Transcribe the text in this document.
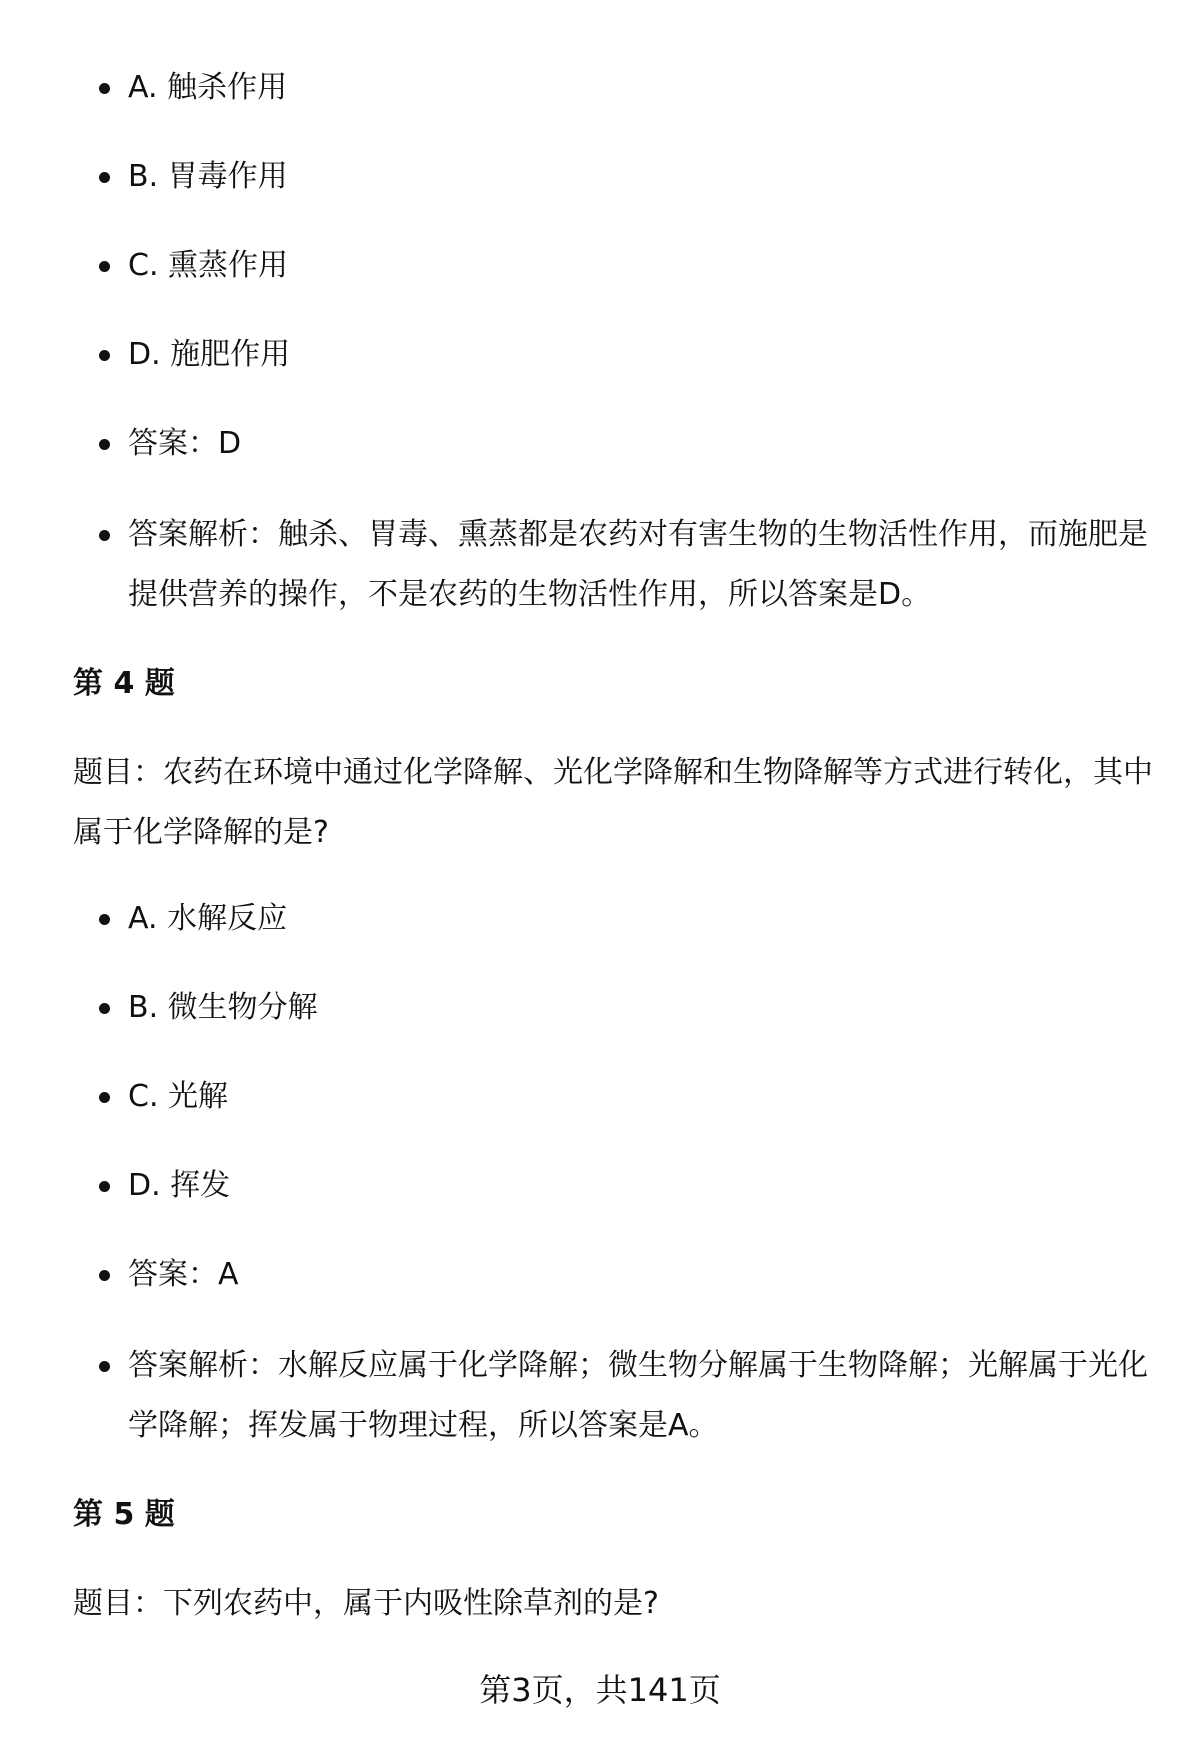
A. 触杀作用
B. 胃毒作用
C. 熏蒸作用
D. 施肥作用
答案：D
答案解析：触杀、胃毒、熏蒸都是农药对有害生物的生物活性作用，而施肥是提供营养的操作，不是农药的生物活性作用，所以答案是D。
第 4 题
题目：农药在环境中通过化学降解、光化学降解和生物降解等方式进行转化，其中属于化学降解的是?
A. 水解反应
B. 微生物分解
C. 光解
D. 挥发
答案：A
答案解析：水解反应属于化学降解；微生物分解属于生物降解；光解属于光化学降解；挥发属于物理过程，所以答案是A。
第 5 题
题目：下列农药中，属于内吸性除草剂的是?
第3页，共141页
